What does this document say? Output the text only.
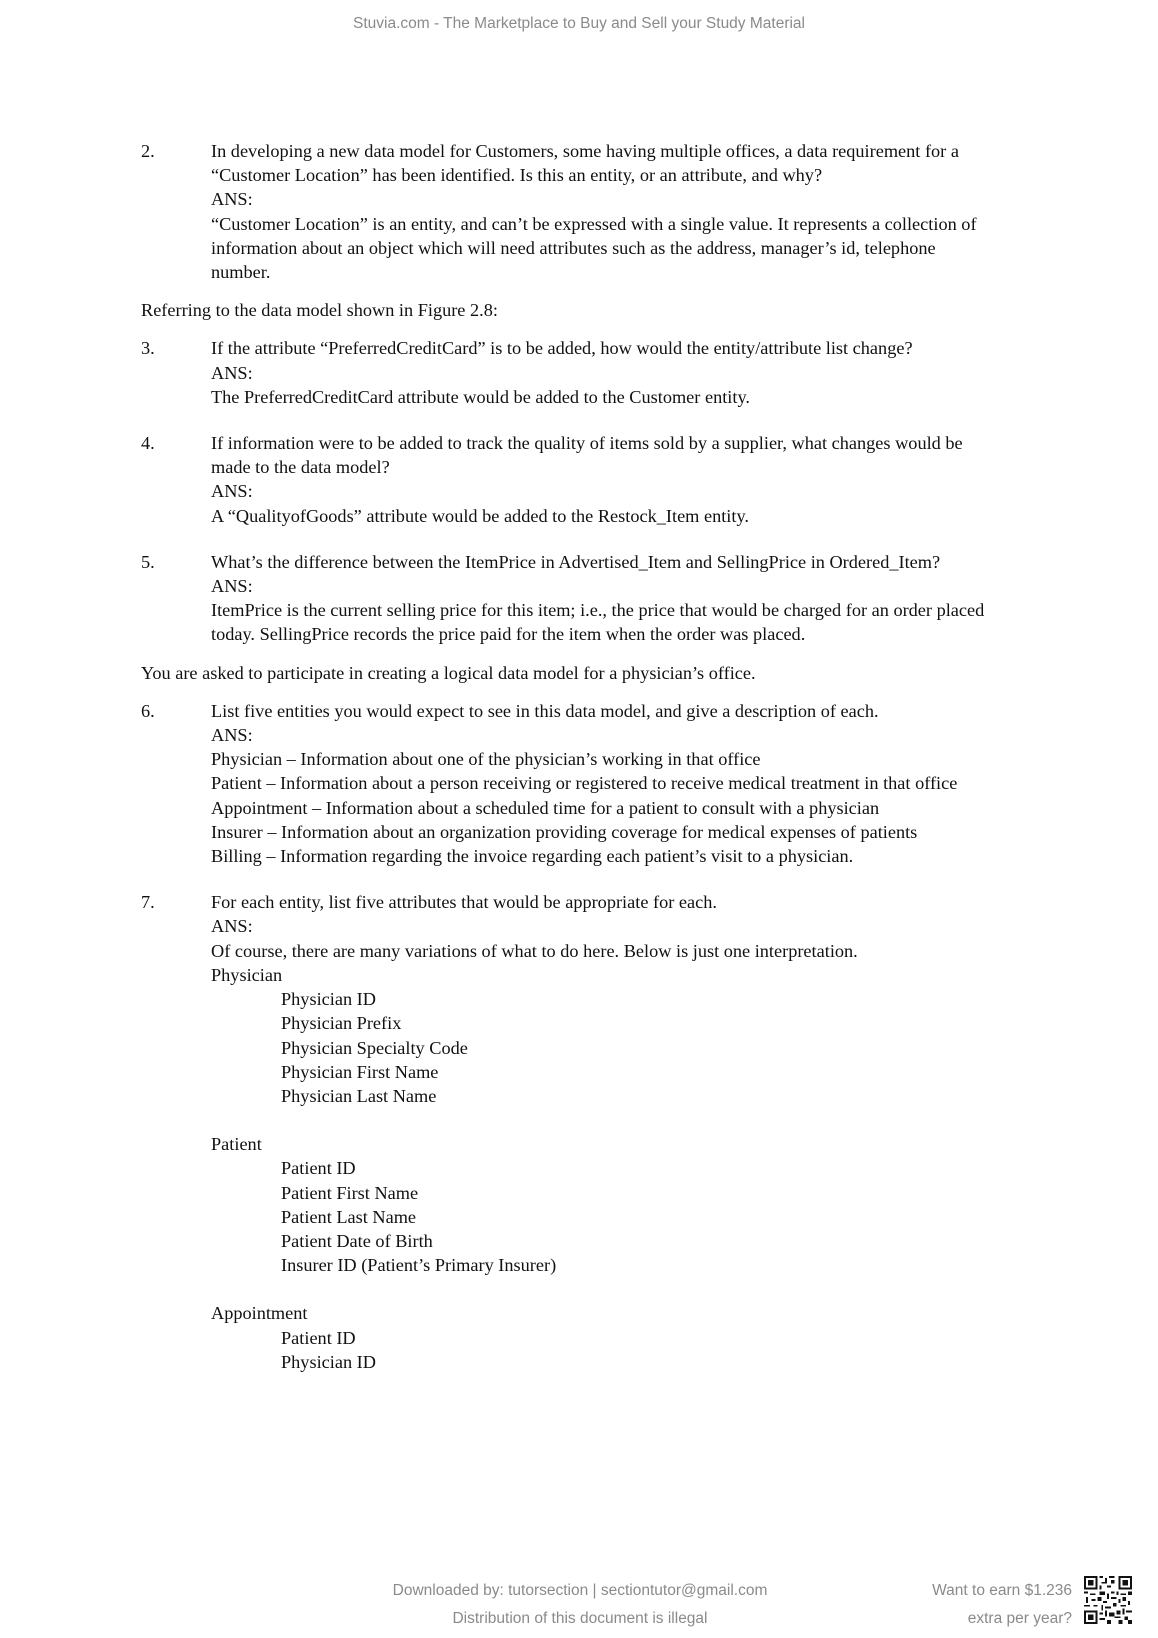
Stuvia.com - The Marketplace to Buy and Sell your Study Material
2.	In developing a new data model for Customers, some having multiple offices, a data requirement for a
“Customer Location” has been identified. Is this an entity, or an attribute, and why?
ANS:
“Customer Location” is an entity, and can’t be expressed with a single value. It represents a collection of
information about an object which will need attributes such as the address, manager’s id, telephone
number.
Referring to the data model shown in Figure 2.8:
3.	If the attribute “PreferredCreditCard” is to be added, how would the entity/attribute list change?
ANS:
The PreferredCreditCard attribute would be added to the Customer entity.
4.	If information were to be added to track the quality of items sold by a supplier, what changes would be
made to the data model?
ANS:
A “QualityofGoods” attribute would be added to the Restock_Item entity.
5.	What’s the difference between the ItemPrice in Advertised_Item and SellingPrice in Ordered_Item?
ANS:
ItemPrice is the current selling price for this item; i.e., the price that would be charged for an order placed
today. SellingPrice records the price paid for the item when the order was placed.
You are asked to participate in creating a logical data model for a physician’s office.
6.	List five entities you would expect to see in this data model, and give a description of each.
ANS:
Physician – Information about one of the physician’s working in that office
Patient – Information about a person receiving or registered to receive medical treatment in that office
Appointment – Information about a scheduled time for a patient to consult with a physician
Insurer – Information about an organization providing coverage for medical expenses of patients
Billing – Information regarding the invoice regarding each patient’s visit to a physician.
7.	For each entity, list five attributes that would be appropriate for each.
ANS:
Of course, there are many variations of what to do here. Below is just one interpretation.
Physician
Physician ID
Physician Prefix
Physician Specialty Code
Physician First Name
Physician Last Name
Patient
Patient ID
Patient First Name
Patient Last Name
Patient Date of Birth
Insurer ID (Patient’s Primary Insurer)
Appointment
Patient ID
Physician ID
Downloaded by: tutorsection | sectiontutor@gmail.com
Distribution of this document is illegal
Want to earn $1.236
extra per year?
